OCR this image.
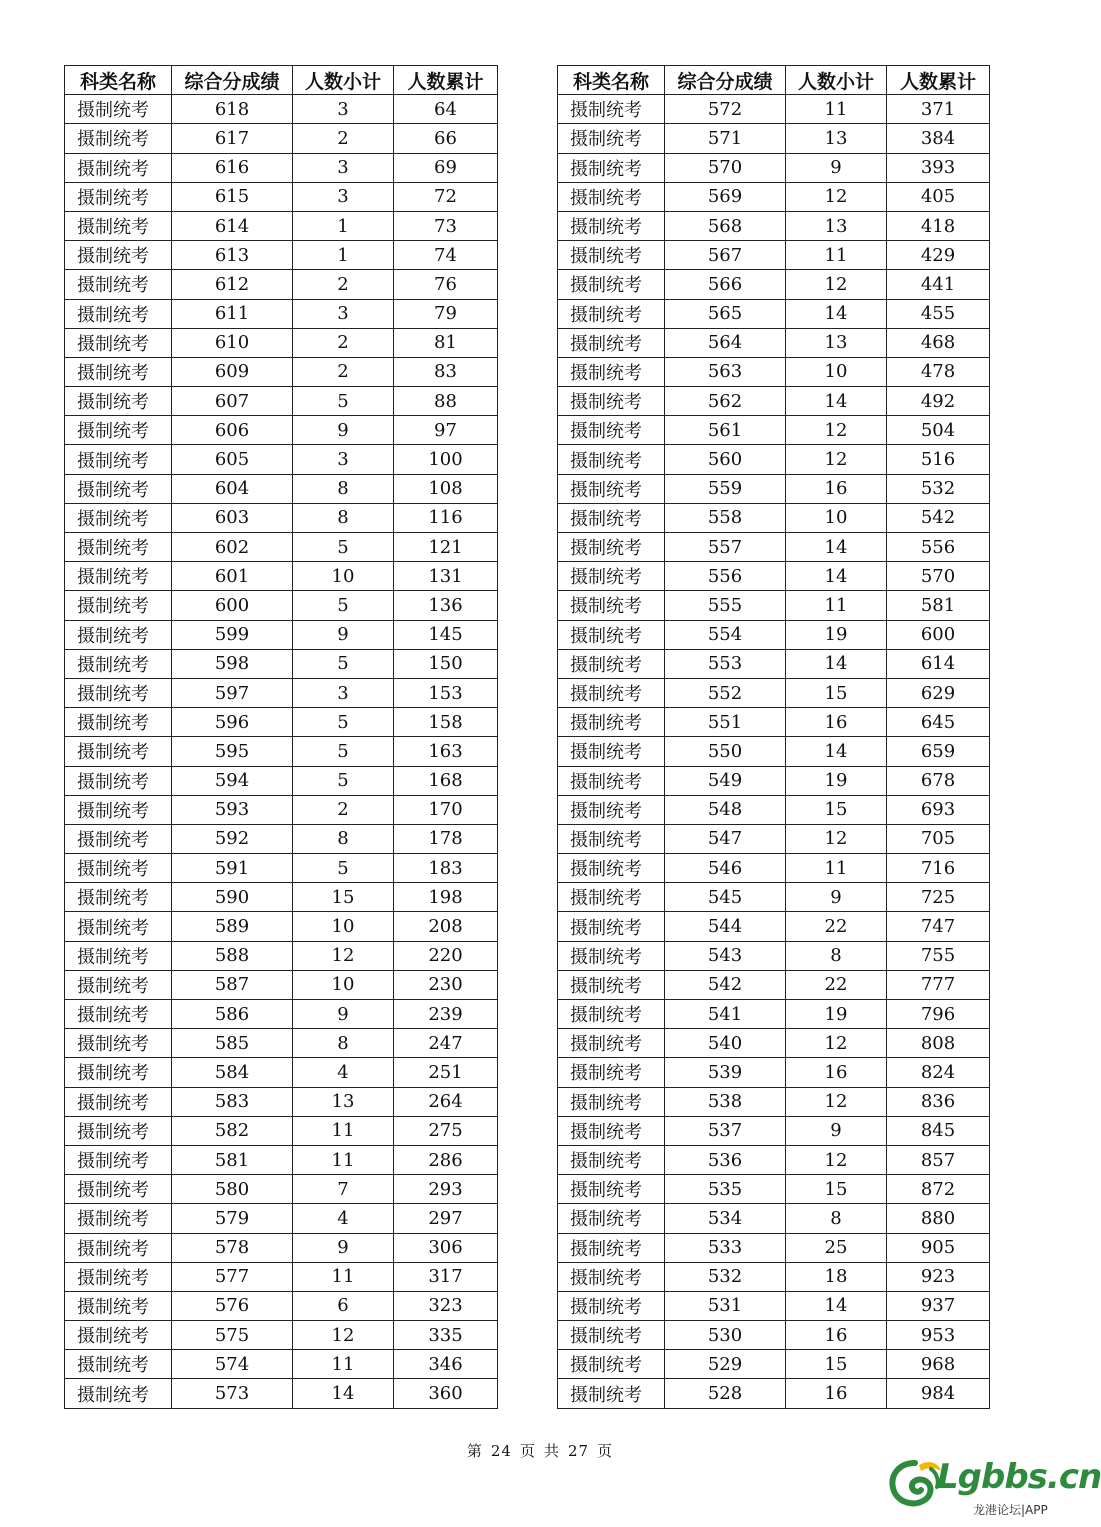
科类名称	综合分成绩	人数小计	人数累计
摄制统考	618	3	64
摄制统考	617	2	66
摄制统考	616	3	69
摄制统考	615	3	72
摄制统考	614	1	73
摄制统考	613	1	74
摄制统考	612	2	76
摄制统考	611	3	79
摄制统考	610	2	81
摄制统考	609	2	83
摄制统考	607	5	88
摄制统考	606	9	97
摄制统考	605	3	100
摄制统考	604	8	108
摄制统考	603	8	116
摄制统考	602	5	121
摄制统考	601	10	131
摄制统考	600	5	136
摄制统考	599	9	145
摄制统考	598	5	150
摄制统考	597	3	153
摄制统考	596	5	158
摄制统考	595	5	163
摄制统考	594	5	168
摄制统考	593	2	170
摄制统考	592	8	178
摄制统考	591	5	183
摄制统考	590	15	198
摄制统考	589	10	208
摄制统考	588	12	220
摄制统考	587	10	230
摄制统考	586	9	239
摄制统考	585	8	247
摄制统考	584	4	251
摄制统考	583	13	264
摄制统考	582	11	275
摄制统考	581	11	286
摄制统考	580	7	293
摄制统考	579	4	297
摄制统考	578	9	306
摄制统考	577	11	317
摄制统考	576	6	323
摄制统考	575	12	335
摄制统考	574	11	346
摄制统考	573	14	360
科类名称	综合分成绩	人数小计	人数累计
摄制统考	572	11	371
摄制统考	571	13	384
摄制统考	570	9	393
摄制统考	569	12	405
摄制统考	568	13	418
摄制统考	567	11	429
摄制统考	566	12	441
摄制统考	565	14	455
摄制统考	564	13	468
摄制统考	563	10	478
摄制统考	562	14	492
摄制统考	561	12	504
摄制统考	560	12	516
摄制统考	559	16	532
摄制统考	558	10	542
摄制统考	557	14	556
摄制统考	556	14	570
摄制统考	555	11	581
摄制统考	554	19	600
摄制统考	553	14	614
摄制统考	552	15	629
摄制统考	551	16	645
摄制统考	550	14	659
摄制统考	549	19	678
摄制统考	548	15	693
摄制统考	547	12	705
摄制统考	546	11	716
摄制统考	545	9	725
摄制统考	544	22	747
摄制统考	543	8	755
摄制统考	542	22	777
摄制统考	541	19	796
摄制统考	540	12	808
摄制统考	539	16	824
摄制统考	538	12	836
摄制统考	537	9	845
摄制统考	536	12	857
摄制统考	535	15	872
摄制统考	534	8	880
摄制统考	533	25	905
摄制统考	532	18	923
摄制统考	531	14	937
摄制统考	530	16	953
摄制统考	529	15	968
摄制统考	528	16	984
第 24 页 共 27 页
Lgbbs.cn
龙港论坛|APP
